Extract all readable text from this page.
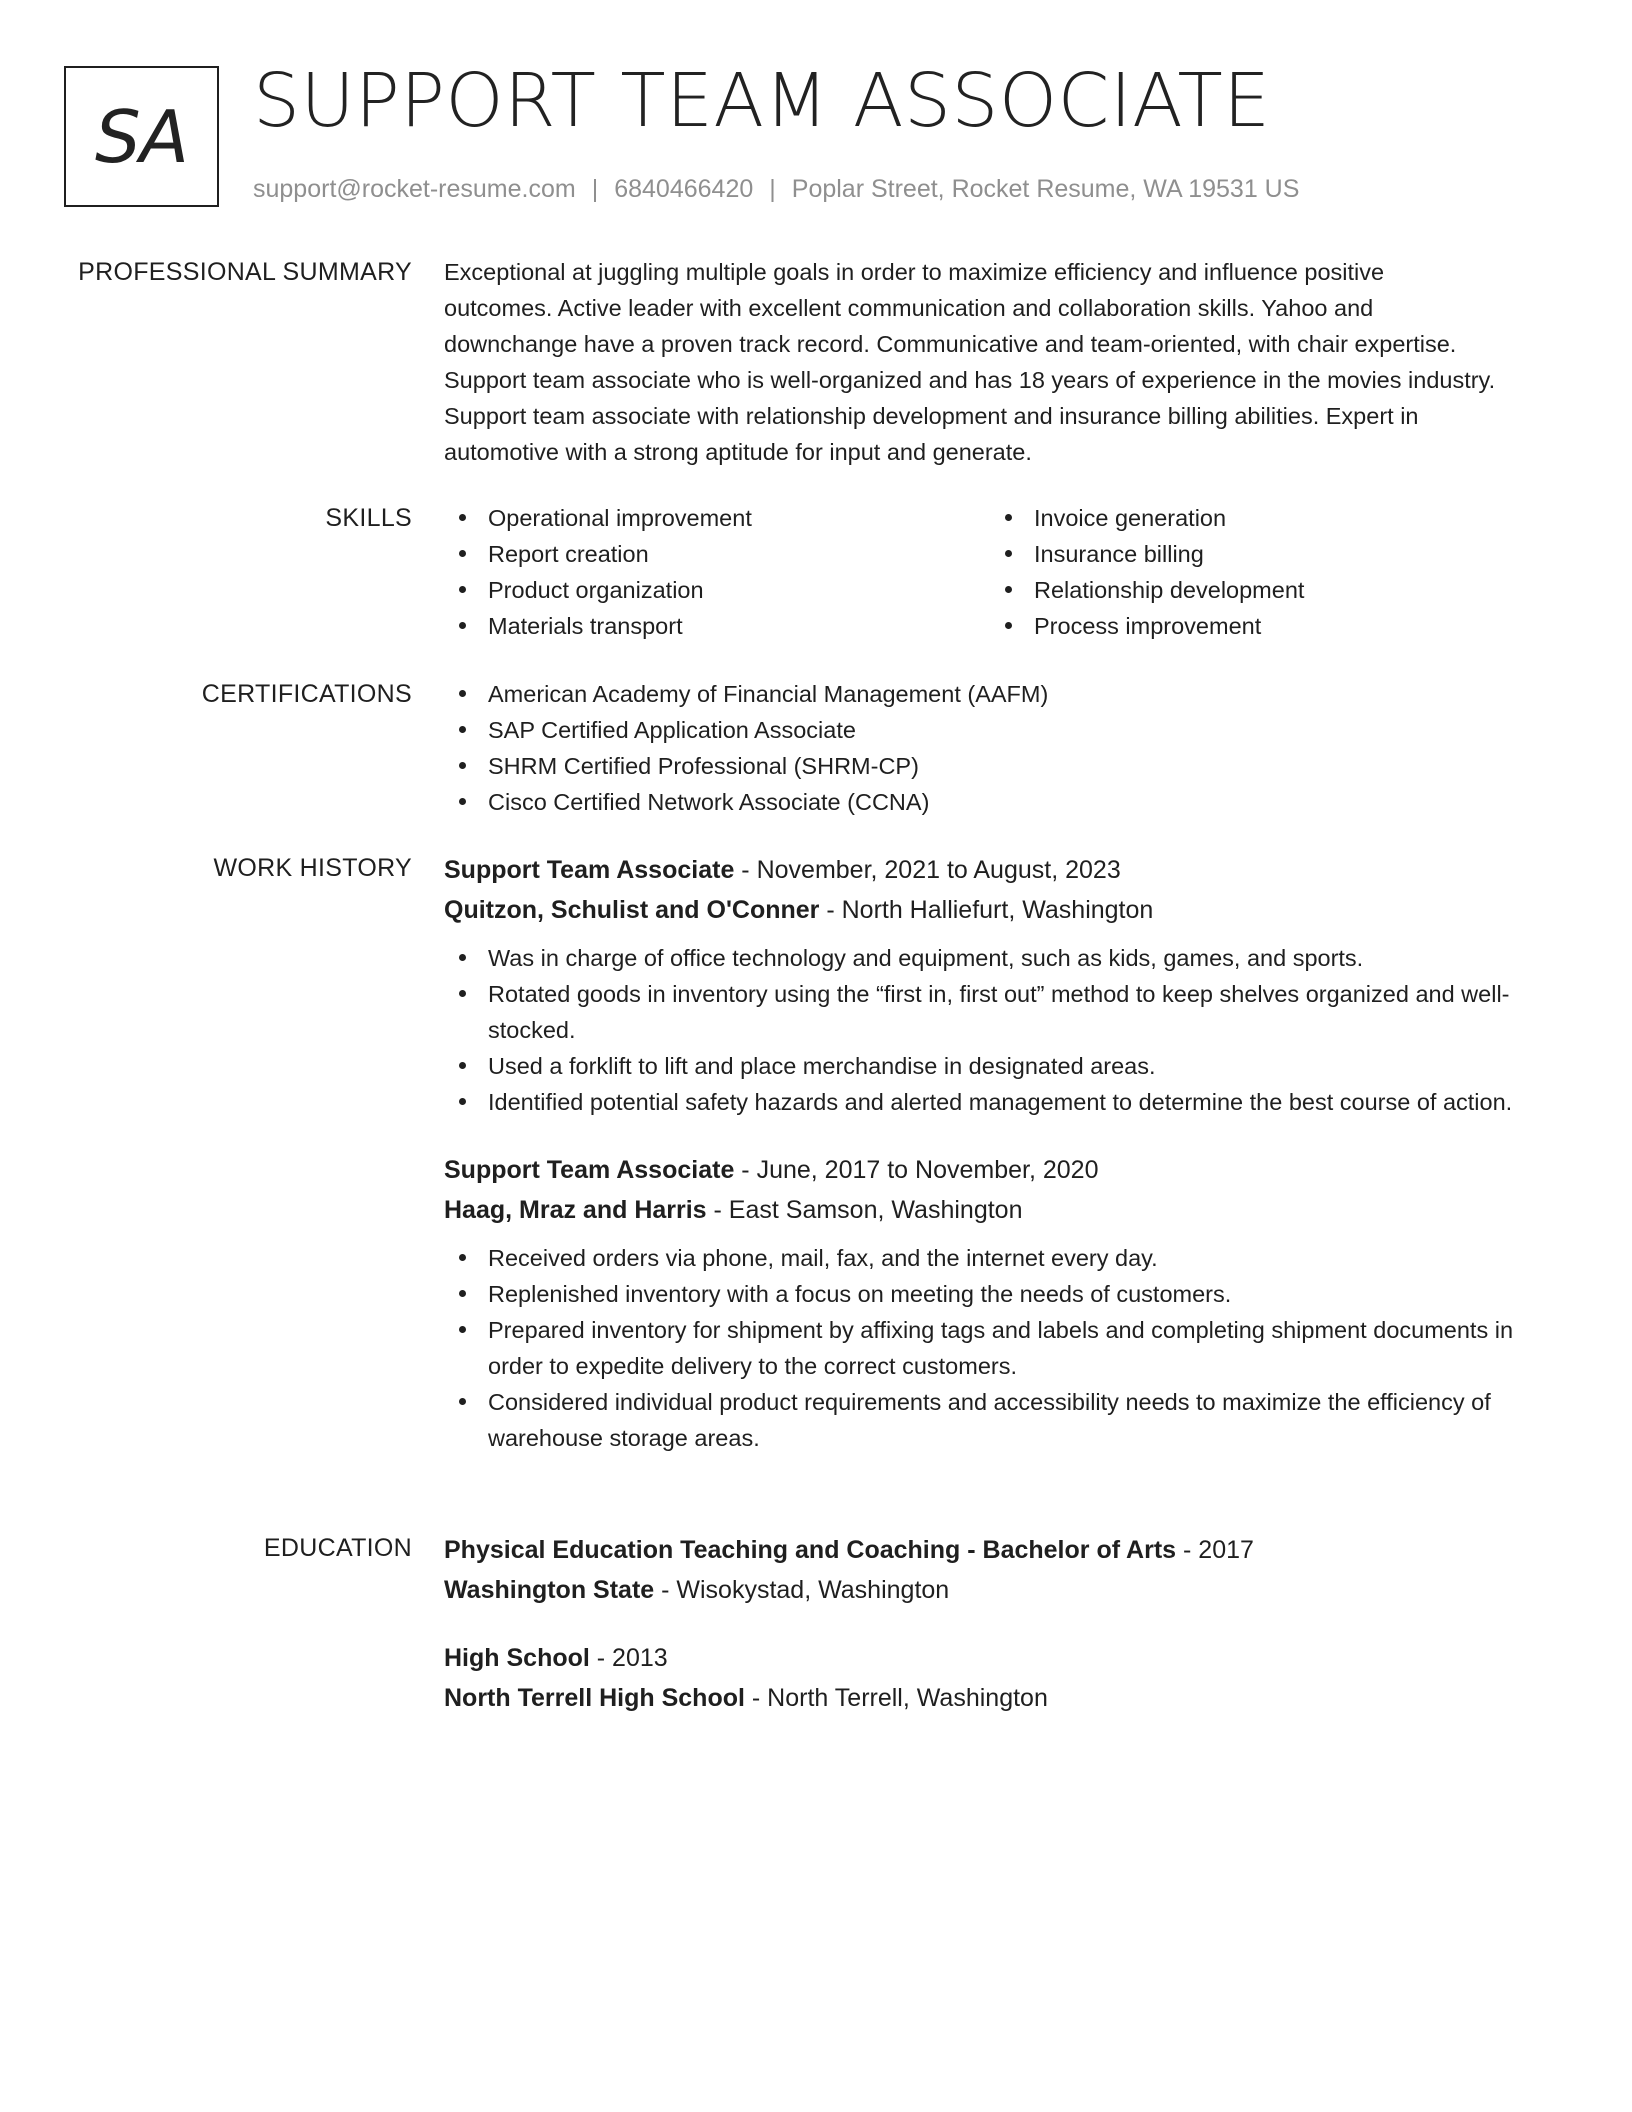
SA SUPPORT TEAM ASSOCIATE
support@rocket-resume.com | 6840466420 | Poplar Street, Rocket Resume, WA 19531 US
PROFESSIONAL SUMMARY Exceptional at juggling multiple goals in order to maximize efficiency and influence positive

outcomes. Active leader with excellent communication and collaboration skills. Yahoo and

downchange have a proven track record. Communicative and team-oriented, with chair expertise.

Support team associate who is well-organized and has 18 years of experience in the movies industry.

Support team associate with relationship development and insurance billing abilities. Expert in

automotive with a strong aptitude for input and generate.

SKILLS	Operational improvement
Report creation
Product organization
Materials transport
Invoice generation
Insurance billing
Relationship development
Process improvement
CERTIFICATIONS	American Academy of Financial Management (AAFM)
SAP Certified Application Associate
SHRM Certified Professional (SHRM-CP)
Cisco Certified Network Associate (CCNA)
WORK HISTORY Support Team Associate - November, 2021 to August, 2023
Quitzon, Schulist and O'Conner - North Halliefurt, Washington
Was in charge of office technology and equipment, such as kids, games, and sports.
Rotated goods in inventory using the “first in, first out” method to keep shelves organized and well-stocked.
Used a forklift to lift and place merchandise in designated areas.
Identified potential safety hazards and alerted management to determine the best course of action.
Support Team Associate - June, 2017 to November, 2020
Haag, Mraz and Harris - East Samson, Washington
Received orders via phone, mail, fax, and the internet every day.
Replenished inventory with a focus on meeting the needs of customers.
Prepared inventory for shipment by affixing tags and labels and completing shipment documents in order to expedite delivery to the correct customers.
Considered individual product requirements and accessibility needs to maximize the efficiency of warehouse storage areas.
EDUCATION Physical Education Teaching and Coaching - Bachelor of Arts - 2017
Washington State - Wisokystad, Washington
High School - 2013
North Terrell High School - North Terrell, Washington
